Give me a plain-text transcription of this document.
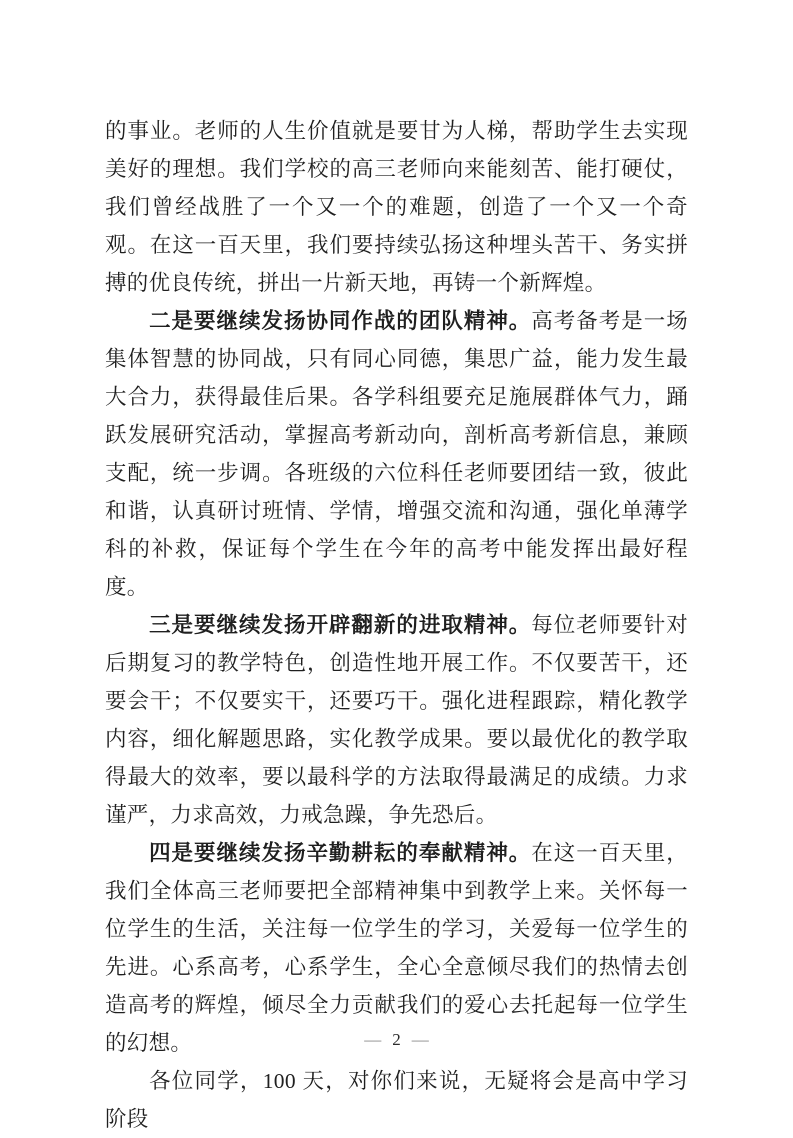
的事业。老师的人生价值就是要甘为人梯，帮助学生去实现美好的理想。我们学校的高三老师向来能刻苦、能打硬仗，我们曾经战胜了一个又一个的难题，创造了一个又一个奇观。在这一百天里，我们要持续弘扬这种埋头苦干、务实拼搏的优良传统，拼出一片新天地，再铸一个新辉煌。

二是要继续发扬协同作战的团队精神。高考备考是一场集体智慧的协同战，只有同心同德，集思广益，能力发生最大合力，获得最佳后果。各学科组要充足施展群体气力，踊跃发展研究活动，掌握高考新动向，剖析高考新信息，兼顾支配，统一步调。各班级的六位科任老师要团结一致，彼此和谐，认真研讨班情、学情，增强交流和沟通，强化单薄学科的补救，保证每个学生在今年的高考中能发挥出最好程度。

三是要继续发扬开辟翻新的进取精神。每位老师要针对后期复习的教学特色，创造性地开展工作。不仅要苦干，还要会干；不仅要实干，还要巧干。强化进程跟踪，精化教学内容，细化解题思路，实化教学成果。要以最优化的教学取得最大的效率，要以最科学的方法取得最满足的成绩。力求谨严，力求高效，力戒急躁，争先恐后。

四是要继续发扬辛勤耕耘的奉献精神。在这一百天里，我们全体高三老师要把全部精神集中到教学上来。关怀每一位学生的生活，关注每一位学生的学习，关爱每一位学生的先进。心系高考，心系学生，全心全意倾尽我们的热情去创造高考的辉煌，倾尽全力贡献我们的爱心去托起每一位学生的幻想。

各位同学，100 天，对你们来说，无疑将会是高中学习阶段

— 2 —
